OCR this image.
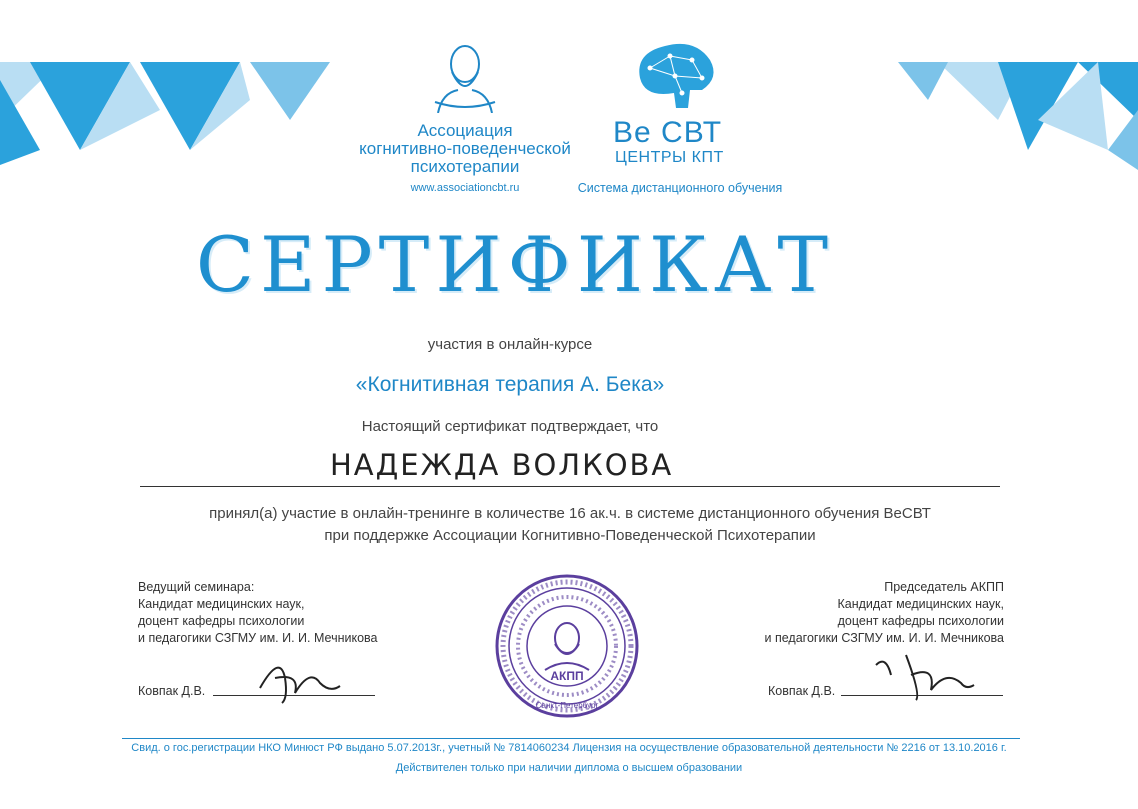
Ассоциация
когнитивно-поведенческой
психотерапии
www.associationcbt.ru
Bе СВТ
ЦЕНТРЫ КПТ
Система дистанционного обучения
СЕРТИФИКАТ
участия в онлайн-курсе
«Когнитивная терапия А. Бека»
Настоящий сертификат подтверждает, что
НАДЕЖДА ВОЛКОВА
принял(а) участие в онлайн-тренинге в количестве 16 ак.ч. в системе дистанционного обучения ВеСВТ
при поддержке Ассоциации Когнитивно-Поведенческой Психотерапии
Ведущий семинара:
Кандидат медицинских наук,
доцент кафедры психологии
и педагогики СЗГМУ им. И. И. Мечникова
Ковпак Д.В.
АКПП
Санкт-Петербург
Председатель АКПП
Кандидат медицинских наук,
доцент кафедры психологии
и педагогики СЗГМУ им. И. И. Мечникова
Ковпак Д.В.
Свид. о гос.регистрации НКО Минюст РФ выдано 5.07.2013г., учетный № 7814060234 Лицензия на осуществление образовательной деятельности № 2216 от 13.10.2016 г.
Действителен только при наличии диплома о высшем образовании
